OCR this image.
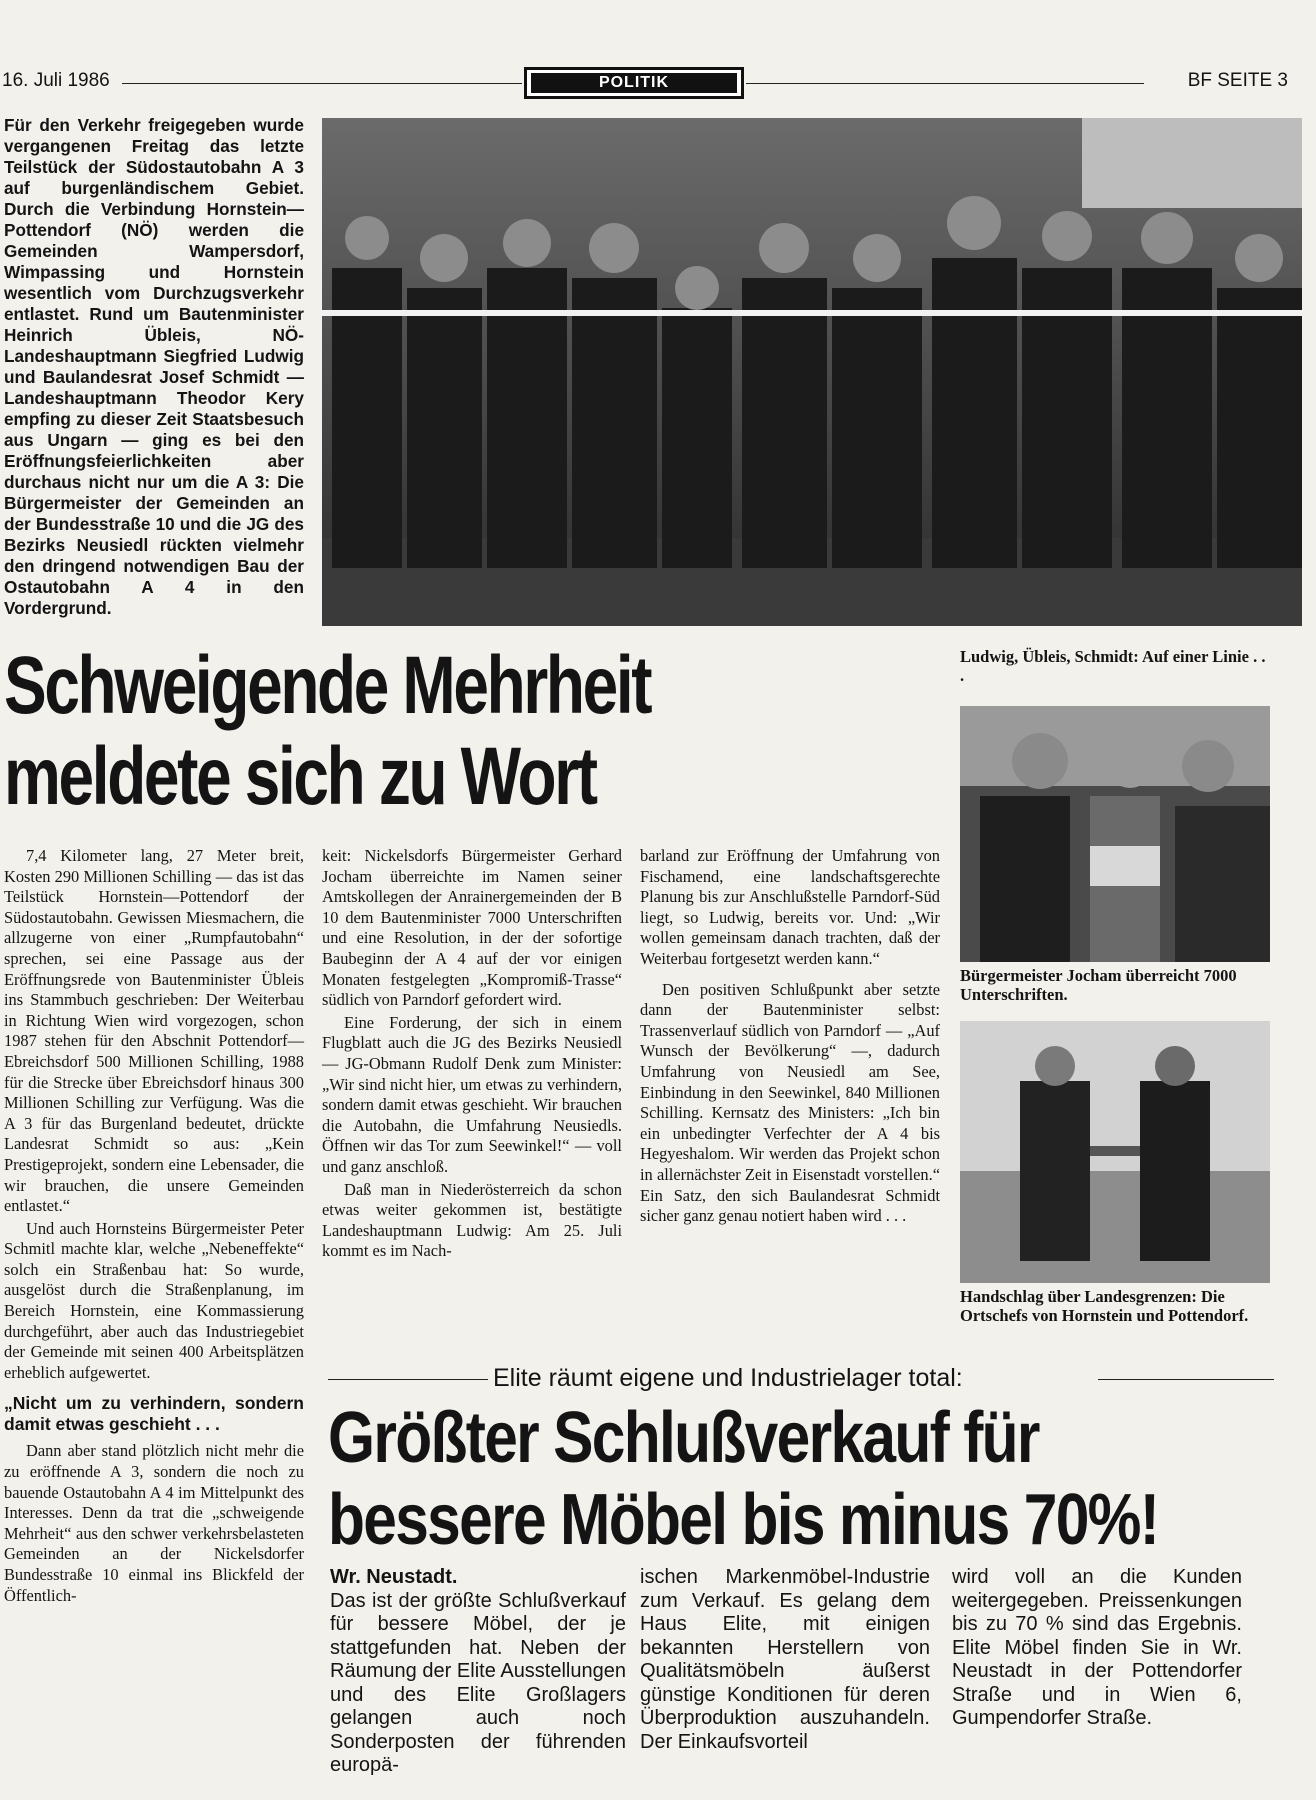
16. Juli 1986	POLITIK	BF SEITE 3
Für den Verkehr freigegeben wurde vergangenen Freitag das letzte Teilstück der Südostautobahn A 3 auf burgenländischem Gebiet. Durch die Verbindung Hornstein—Pottendorf (NÖ) werden die Gemeinden Wampersdorf, Wimpassing und Hornstein wesentlich vom Durchzugsverkehr entlastet. Rund um Bautenminister Heinrich Übleis, NÖ-Landeshauptmann Siegfried Ludwig und Baulandesrat Josef Schmidt — Landeshauptmann Theodor Kery empfing zu dieser Zeit Staatsbesuch aus Ungarn — ging es bei den Eröffnungsfeierlichkeiten aber durchaus nicht nur um die A 3: Die Bürgermeister der Gemeinden an der Bundesstraße 10 und die JG des Bezirks Neusiedl rückten vielmehr den dringend notwendigen Bau der Ostautobahn A 4 in den Vordergrund.
Schweigende Mehrheit
meldete sich zu Wort
Ludwig, Übleis, Schmidt: Auf einer Linie . . .
Bürgermeister Jocham überreicht 7000 Unterschriften.
Handschlag über Landesgrenzen: Die Ortschefs von Hornstein und Pottendorf.

7,4 Kilometer lang, 27 Meter breit, Kosten 290 Millionen Schilling — das ist das Teilstück Hornstein—Pottendorf der Südostautobahn. Gewissen Miesmachern, die allzugerne von einer „Rumpfautobahn“ sprechen, sei eine Passage aus der Eröffnungsrede von Bautenminister Übleis ins Stammbuch geschrieben: Der Weiterbau in Richtung Wien wird vorgezogen, schon 1987 stehen für den Abschnit Pottendorf—Ebreichsdorf 500 Millionen Schilling, 1988 für die Strecke über Ebreichsdorf hinaus 300 Millionen Schilling zur Verfügung. Was die A 3 für das Burgenland bedeutet, drückte Landesrat Schmidt so aus: „Kein Prestigeprojekt, sondern eine Lebensader, die wir brauchen, die unsere Gemeinden entlastet.“

Und auch Hornsteins Bürgermeister Peter Schmitl machte klar, welche „Nebeneffekte“ solch ein Straßenbau hat: So wurde, ausgelöst durch die Straßenplanung, im Bereich Hornstein, eine Kommassierung durchgeführt, aber auch das Industriegebiet der Gemeinde mit seinen 400 Arbeitsplätzen erheblich aufgewertet.

„Nicht um zu verhindern, sondern damit etwas geschieht . . .

Dann aber stand plötzlich nicht mehr die zu eröffnende A 3, sondern die noch zu bauende Ostautobahn A 4 im Mittelpunkt des Interesses. Denn da trat die „schweigende Mehrheit“ aus den schwer verkehrsbelasteten Gemeinden an der Nickelsdorfer Bundesstraße 10 einmal ins Blickfeld der Öffentlich-

keit: Nickelsdorfs Bürgermeister Gerhard Jocham überreichte im Namen seiner Amtskollegen der Anrainergemeinden der B 10 dem Bautenminister 7000 Unterschriften und eine Resolution, in der der sofortige Baubeginn der A 4 auf der vor einigen Monaten festgelegten „Kompromiß-Trasse“ südlich von Parndorf gefordert wird.

Eine Forderung, der sich in einem Flugblatt auch die JG des Bezirks Neusiedl — JG-Obmann Rudolf Denk zum Minister: „Wir sind nicht hier, um etwas zu verhindern, sondern damit etwas geschieht. Wir brauchen die Autobahn, die Umfahrung Neusiedls. Öffnen wir das Tor zum Seewinkel!“ — voll und ganz anschloß.

Daß man in Niederösterreich da schon etwas weiter gekommen ist, bestätigte Landeshauptmann Ludwig: Am 25. Juli kommt es im Nach-

barland zur Eröffnung der Umfahrung von Fischamend, eine landschaftsgerechte Planung bis zur Anschlußstelle Parndorf-Süd liegt, so Ludwig, bereits vor. Und: „Wir wollen gemeinsam danach trachten, daß der Weiterbau fortgesetzt werden kann.“

Den positiven Schlußpunkt aber setzte dann der Bautenminister selbst: Trassenverlauf südlich von Parndorf — „Auf Wunsch der Bevölkerung“ —, dadurch Umfahrung von Neusiedl am See, Einbindung in den Seewinkel, 840 Millionen Schilling. Kernsatz des Ministers: „Ich bin ein unbedingter Verfechter der A 4 bis Hegyeshalom. Wir werden das Projekt schon in allernächster Zeit in Eisenstadt vorstellen.“ Ein Satz, den sich Baulandesrat Schmidt sicher ganz genau notiert haben wird . . .

Elite räumt eigene und Industrielager total:
Größter Schlußverkauf für
bessere Möbel bis minus 70%!
Wr. Neustadt.
Das ist der größte Schlußverkauf für bessere Möbel, der je stattgefunden hat. Neben der Räumung der Elite Ausstellungen und des Elite Großlagers gelangen auch noch Sonderposten der führenden europä-
ischen Markenmöbel-Industrie zum Verkauf. Es gelang dem Haus Elite, mit einigen bekannten Herstellern von Qualitätsmöbeln äußerst günstige Konditionen für deren Überproduktion auszuhandeln. Der Einkaufsvorteil
wird voll an die Kunden weitergegeben. Preissenkungen bis zu 70 % sind das Ergebnis. Elite Möbel finden Sie in Wr. Neustadt in der Pottendorfer Straße und in Wien 6, Gumpendorfer Straße.
